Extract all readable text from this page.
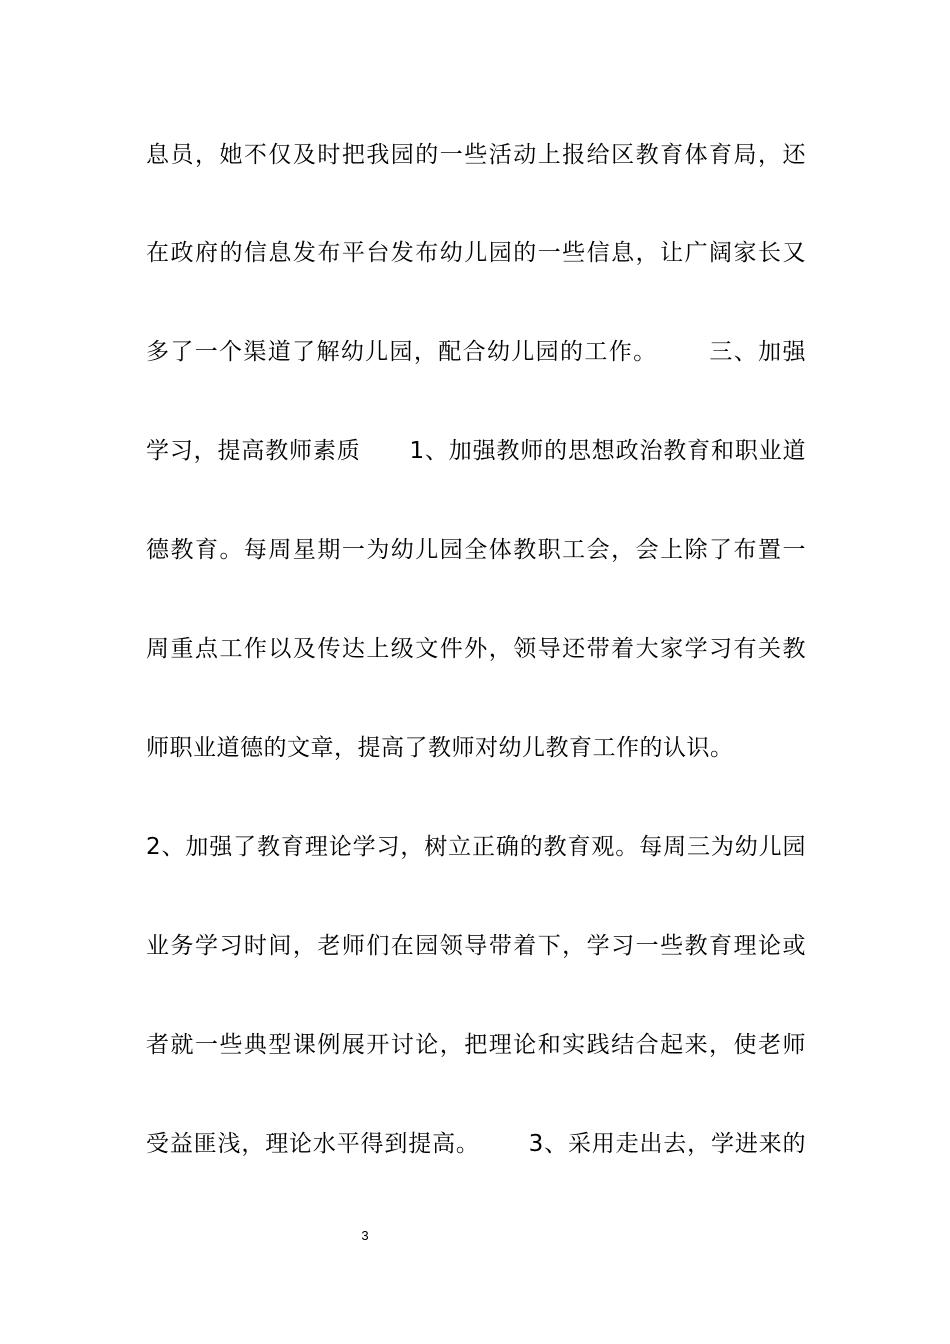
息员，她不仅及时把我园的一些活动上报给区教育体育局，还
在政府的信息发布平台发布幼儿园的一些信息，让广阔家长又
多了一个渠道了解幼儿园，配合幼儿园的工作。      三、加强
学习，提高教师素质      1、加强教师的思想政治教育和职业道
德教育。每周星期一为幼儿园全体教职工会，会上除了布置一
周重点工作以及传达上级文件外，领导还带着大家学习有关教
师职业道德的文章，提高了教师对幼儿教育工作的认识。
2、加强了教育理论学习，树立正确的教育观。每周三为幼儿园
业务学习时间，老师们在园领导带着下，学习一些教育理论或
者就一些典型课例展开讨论，把理论和实践结合起来，使老师
受益匪浅，理论水平得到提高。      3、采用走出去，学进来的
3
